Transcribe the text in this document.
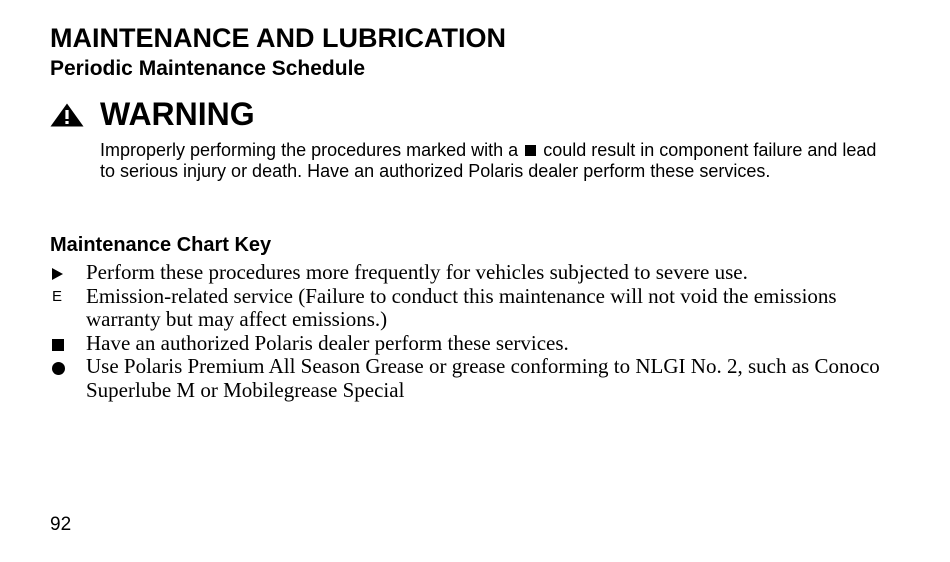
MAINTENANCE AND LUBRICATION
Periodic Maintenance Schedule
WARNING
Improperly performing the procedures marked with a could result in component failure and lead to serious injury or death. Have an authorized Polaris dealer perform these services.
Maintenance Chart Key
Perform these procedures more frequently for vehicles subjected to severe use.
E Emission-related service (Failure to conduct this maintenance will not void the emissions warranty but may affect emissions.)
Have an authorized Polaris dealer perform these services.
Use Polaris Premium All Season Grease or grease conforming to NLGI No. 2, such as Conoco Superlube M or Mobilegrease Special
92
